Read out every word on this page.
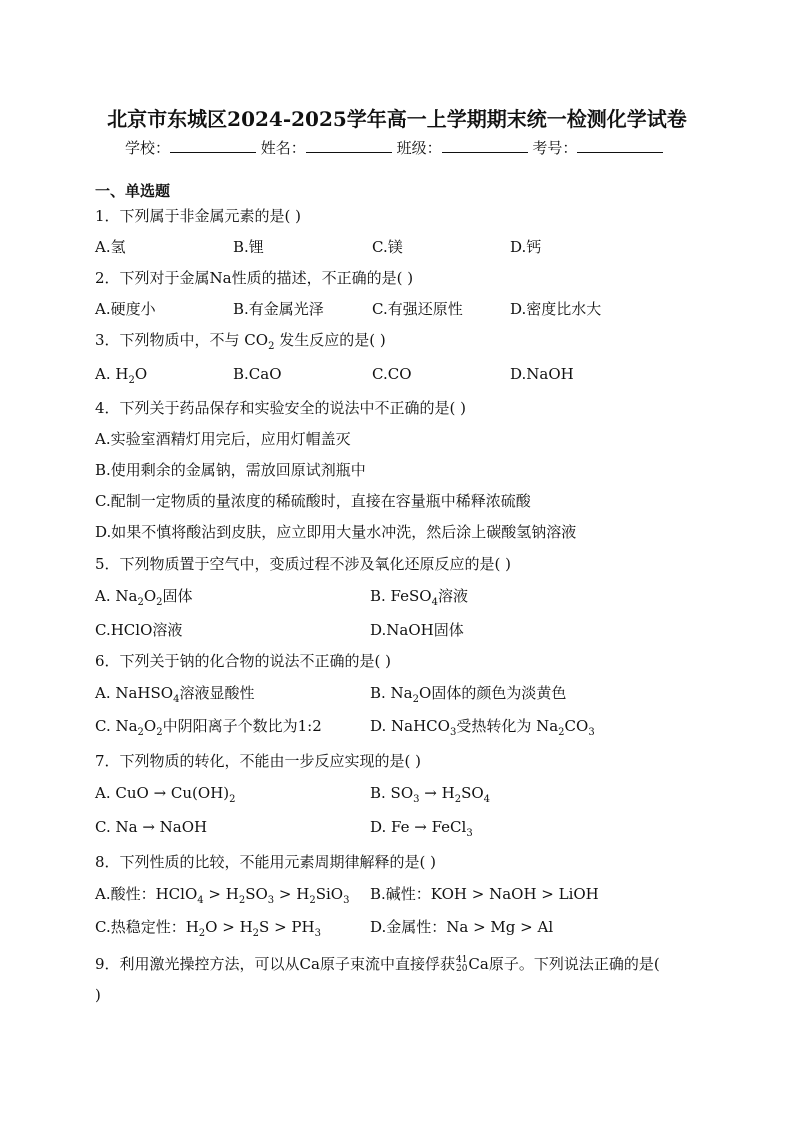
北京市东城区2024-2025学年高一上学期期末统一检测化学试卷
学校：	姓名：	班级：	考号：
一、单选题
1．下列属于非金属元素的是( )
A.氢	B.锂	C.镁	D.钙
2．下列对于金属Na性质的描述，不正确的是( )
A.硬度小	B.有金属光泽	C.有强还原性	D.密度比水大
3．下列物质中，不与 $CO_2$ 发生反应的是( )
A. $H_2O$	B.CaO	C.CO	D.NaOH
4．下列关于药品保存和实验安全的说法中不正确的是( )
A.实验室酒精灯用完后，应用灯帽盖灭
B.使用剩余的金属钠，需放回原试剂瓶中
C.配制一定物质的量浓度的稀硫酸时，直接在容量瓶中稀释浓硫酸
D.如果不慎将酸沾到皮肤，应立即用大量水冲洗，然后涂上碳酸氢钠溶液
5．下列物质置于空气中，变质过程不涉及氧化还原反应的是( )
A. $Na_2O_2$固体	B. FeSO$_4$溶液
C.HClO溶液	D.NaOH固体
6．下列关于钠的化合物的说法不正确的是( )
A. NaHSO$_4$溶液显酸性	B. $Na_2O$固体的颜色为淡黄色
C. $Na_2O_2$中阴阳离子个数比为1:2	D. NaHCO$_3$受热转化为 $Na_2CO_3$
7．下列物质的转化，不能由一步反应实现的是( )
A. CuO → $Cu(OH)_2$	B. $SO_3 \to H_2SO_4$
C. Na → NaOH	D. Fe → FeCl$_3$
8．下列性质的比较，不能用元素周期律解释的是( )
A.酸性：HClO$_4$ > $H_2SO_3 > H_2SiO_3$ B.碱性：KOH > NaOH > LiOH
C.热稳定性：$H_2O > H_2S > PH_3$	D.金属性：Na > Mg > Al
9．利用激光操控方法，可以从Ca原子束流中直接俘获41
20Ca原子。下列说法正确的是(
)
